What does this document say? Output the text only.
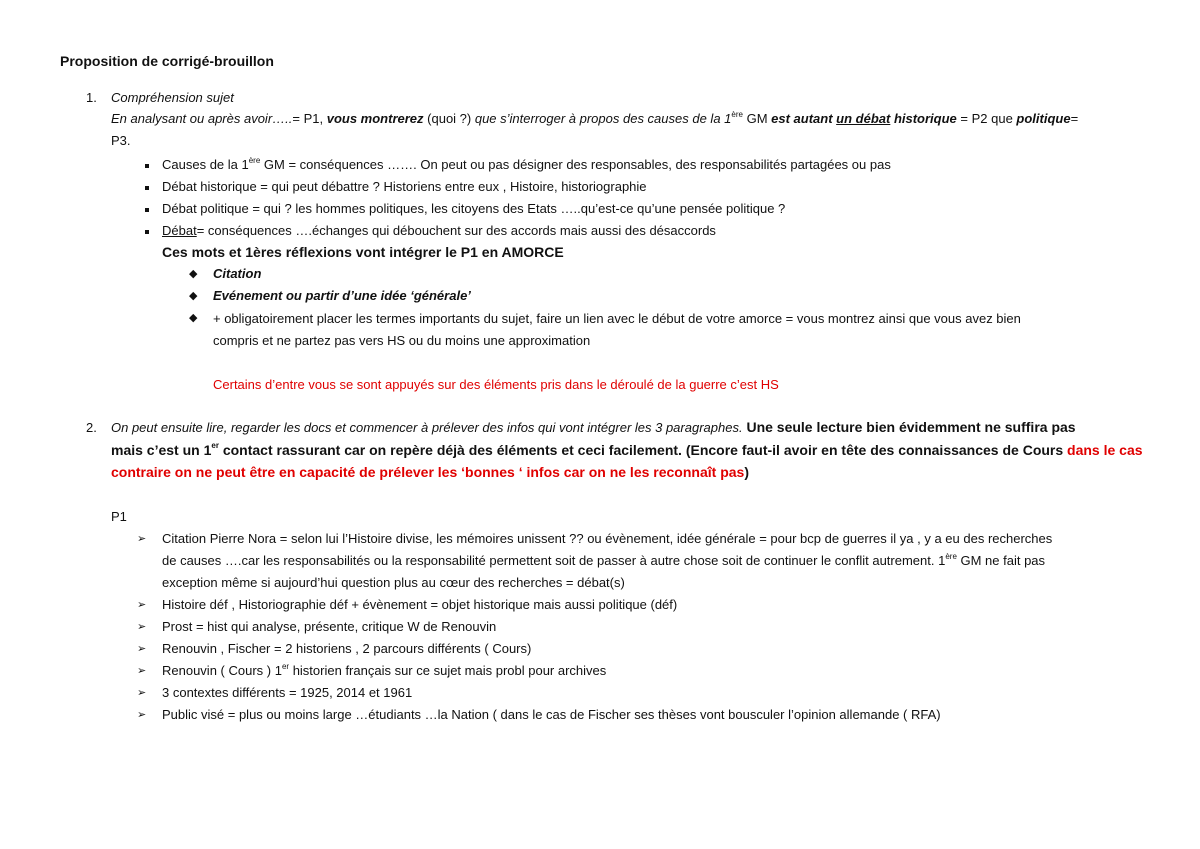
Proposition de corrigé-brouillon
1. Compréhension sujet
En analysant ou après avoir…..= P1, vous montrerez (quoi ?) que s’interroger à propos des causes de la 1ère GM est autant un débat historique = P2 que politique=
P3.
Causes de la 1ère GM = conséquences ……. On peut ou pas désigner des responsables, des responsabilités partagées ou pas
Débat historique = qui peut débattre ? Historiens entre eux , Histoire, historiographie
Débat politique = qui ? les hommes politiques, les citoyens des Etats …..qu’est-ce qu’une pensée politique ?
Débat= conséquences ….échanges qui débouchent sur des accords mais aussi des désaccords
Ces mots et 1ères réflexions vont intégrer le P1 en AMORCE
◆ Citation
◆ Evénement ou partir d’une idée ‘générale’
◆ + obligatoirement placer les termes importants du sujet, faire un lien avec le début de votre amorce = vous montrez ainsi que vous avez bien
compris et ne partez pas vers HS ou du moins une approximation
Certains d’entre vous se sont appuyés sur des éléments pris dans le déroulé de la guerre c’est HS
2. On peut ensuite lire, regarder les docs et commencer à prélever des infos qui vont intégrer les 3 paragraphes. Une seule lecture bien évidemment ne suffira pas
mais c’est un 1er contact rassurant car on repère déjà des éléments et ceci facilement. (Encore faut-il avoir en tête des connaissances de Cours dans le cas
contraire on ne peut être en capacité de prélever les ‘bonnes ‘ infos car on ne les reconnaît pas)
P1
➢ Citation Pierre Nora = selon lui l’Histoire divise, les mémoires unissent ?? ou évènement, idée générale = pour bcp de guerres il ya , y a eu des recherches
de causes ….car les responsabilités ou la responsabilité permettent soit de passer à autre chose soit de continuer le conflit autrement. 1ère GM ne fait pas
exception même si aujourd’hui question plus au cœur des recherches = débat(s)
➢ Histoire déf , Historiographie déf + évènement = objet historique mais aussi politique (déf)
➢ Prost = hist qui analyse, présente, critique W de Renouvin
➢ Renouvin , Fischer = 2 historiens , 2 parcours différents ( Cours)
➢ Renouvin ( Cours ) 1er historien français sur ce sujet mais probl pour archives
➢ 3 contextes différents = 1925, 2014 et 1961
➢ Public visé = plus ou moins large …étudiants …la Nation ( dans le cas de Fischer ses thèses vont bousculer l’opinion allemande ( RFA)
